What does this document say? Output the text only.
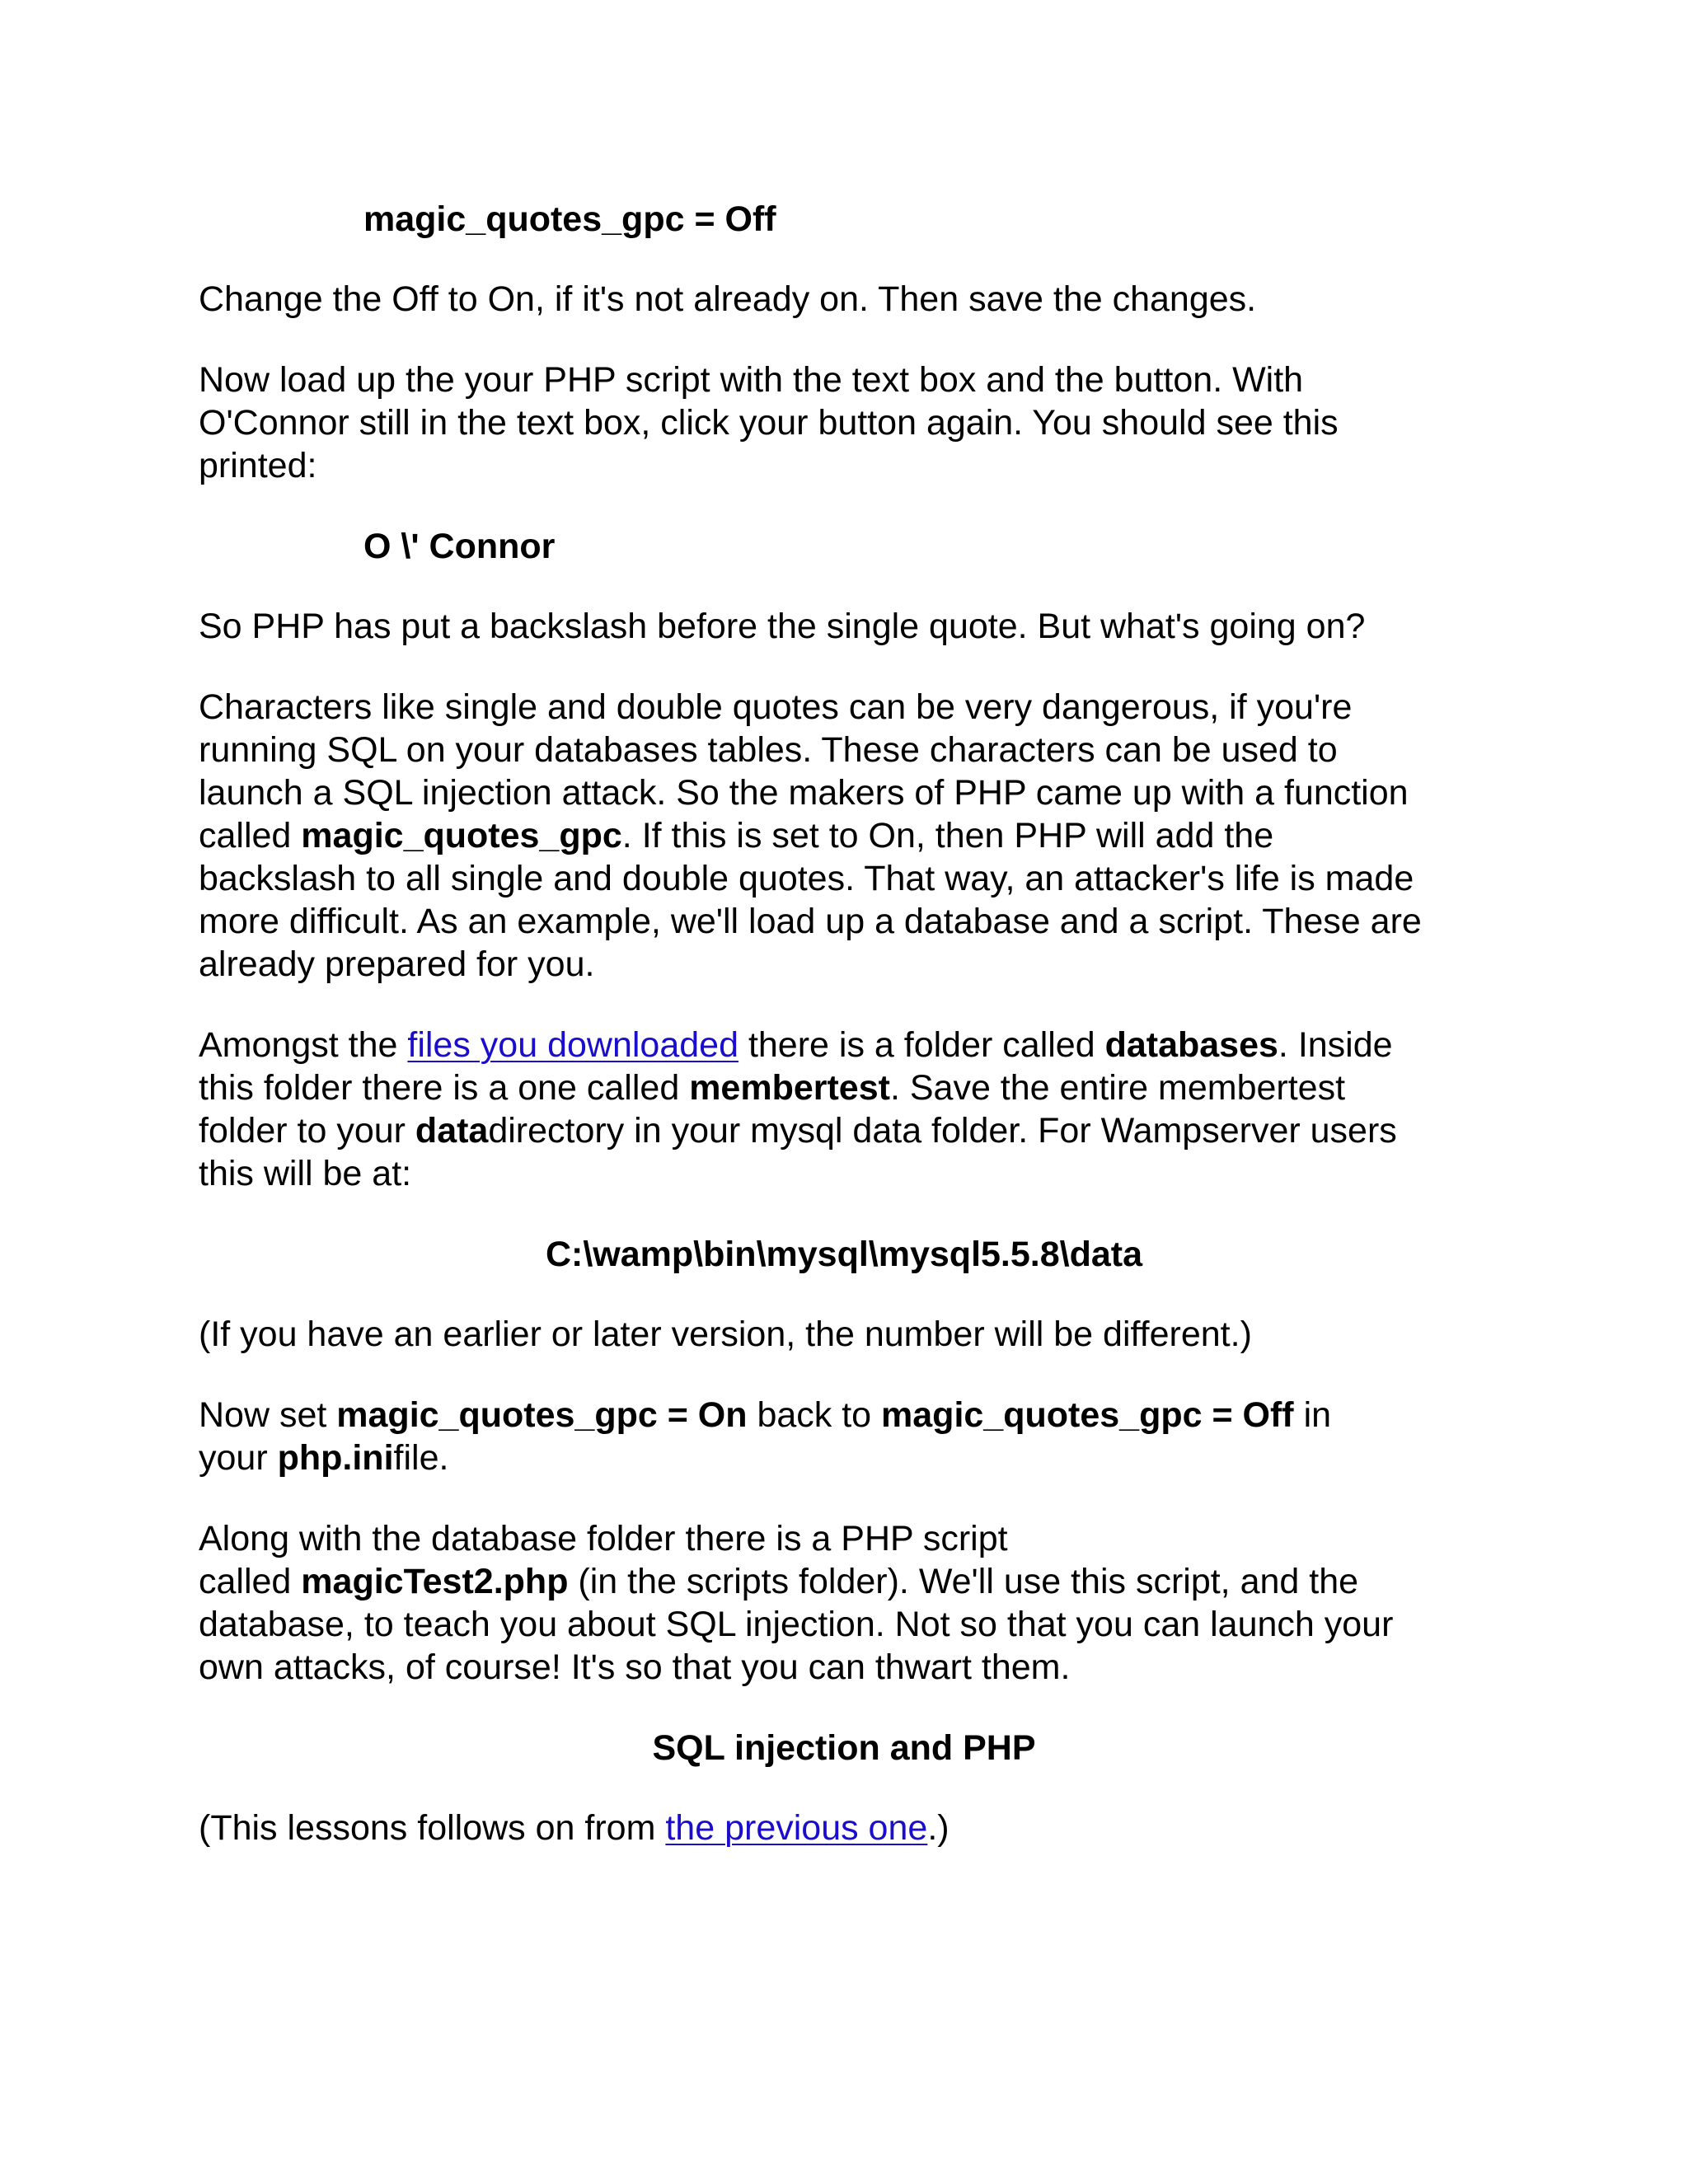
magic_quotes_gpc = Off

Change the Off to On, if it's not already on. Then save the changes.

Now load up the your PHP script with the text box and the button. With

O'Connor still in the text box, click your button again. You should see this

printed:

O \' Connor

So PHP has put a backslash before the single quote. But what's going on?

Characters like single and double quotes can be very dangerous, if you're

running SQL on your databases tables. These characters can be used to

launch a SQL injection attack. So the makers of PHP came up with a function

called magic_quotes_gpc. If this is set to On, then PHP will add the

backslash to all single and double quotes. That way, an attacker's life is made

more difficult. As an example, we'll load up a database and a script. These are

already prepared for you.

Amongst the files you downloaded there is a folder called databases. Inside

this folder there is a one called membertest. Save the entire membertest

folder to your datadirectory in your mysql data folder. For Wampserver users

this will be at:

C:\wamp\bin\mysql\mysql5.5.8\data

(If you have an earlier or later version, the number will be different.)

Now set magic_quotes_gpc = On back to magic_quotes_gpc = Off in

your php.inifile.

Along with the database folder there is a PHP script

called magicTest2.php (in the scripts folder). We'll use this script, and the

database, to teach you about SQL injection. Not so that you can launch your

own attacks, of course! It's so that you can thwart them.

SQL injection and PHP

(This lessons follows on from the previous one.)
